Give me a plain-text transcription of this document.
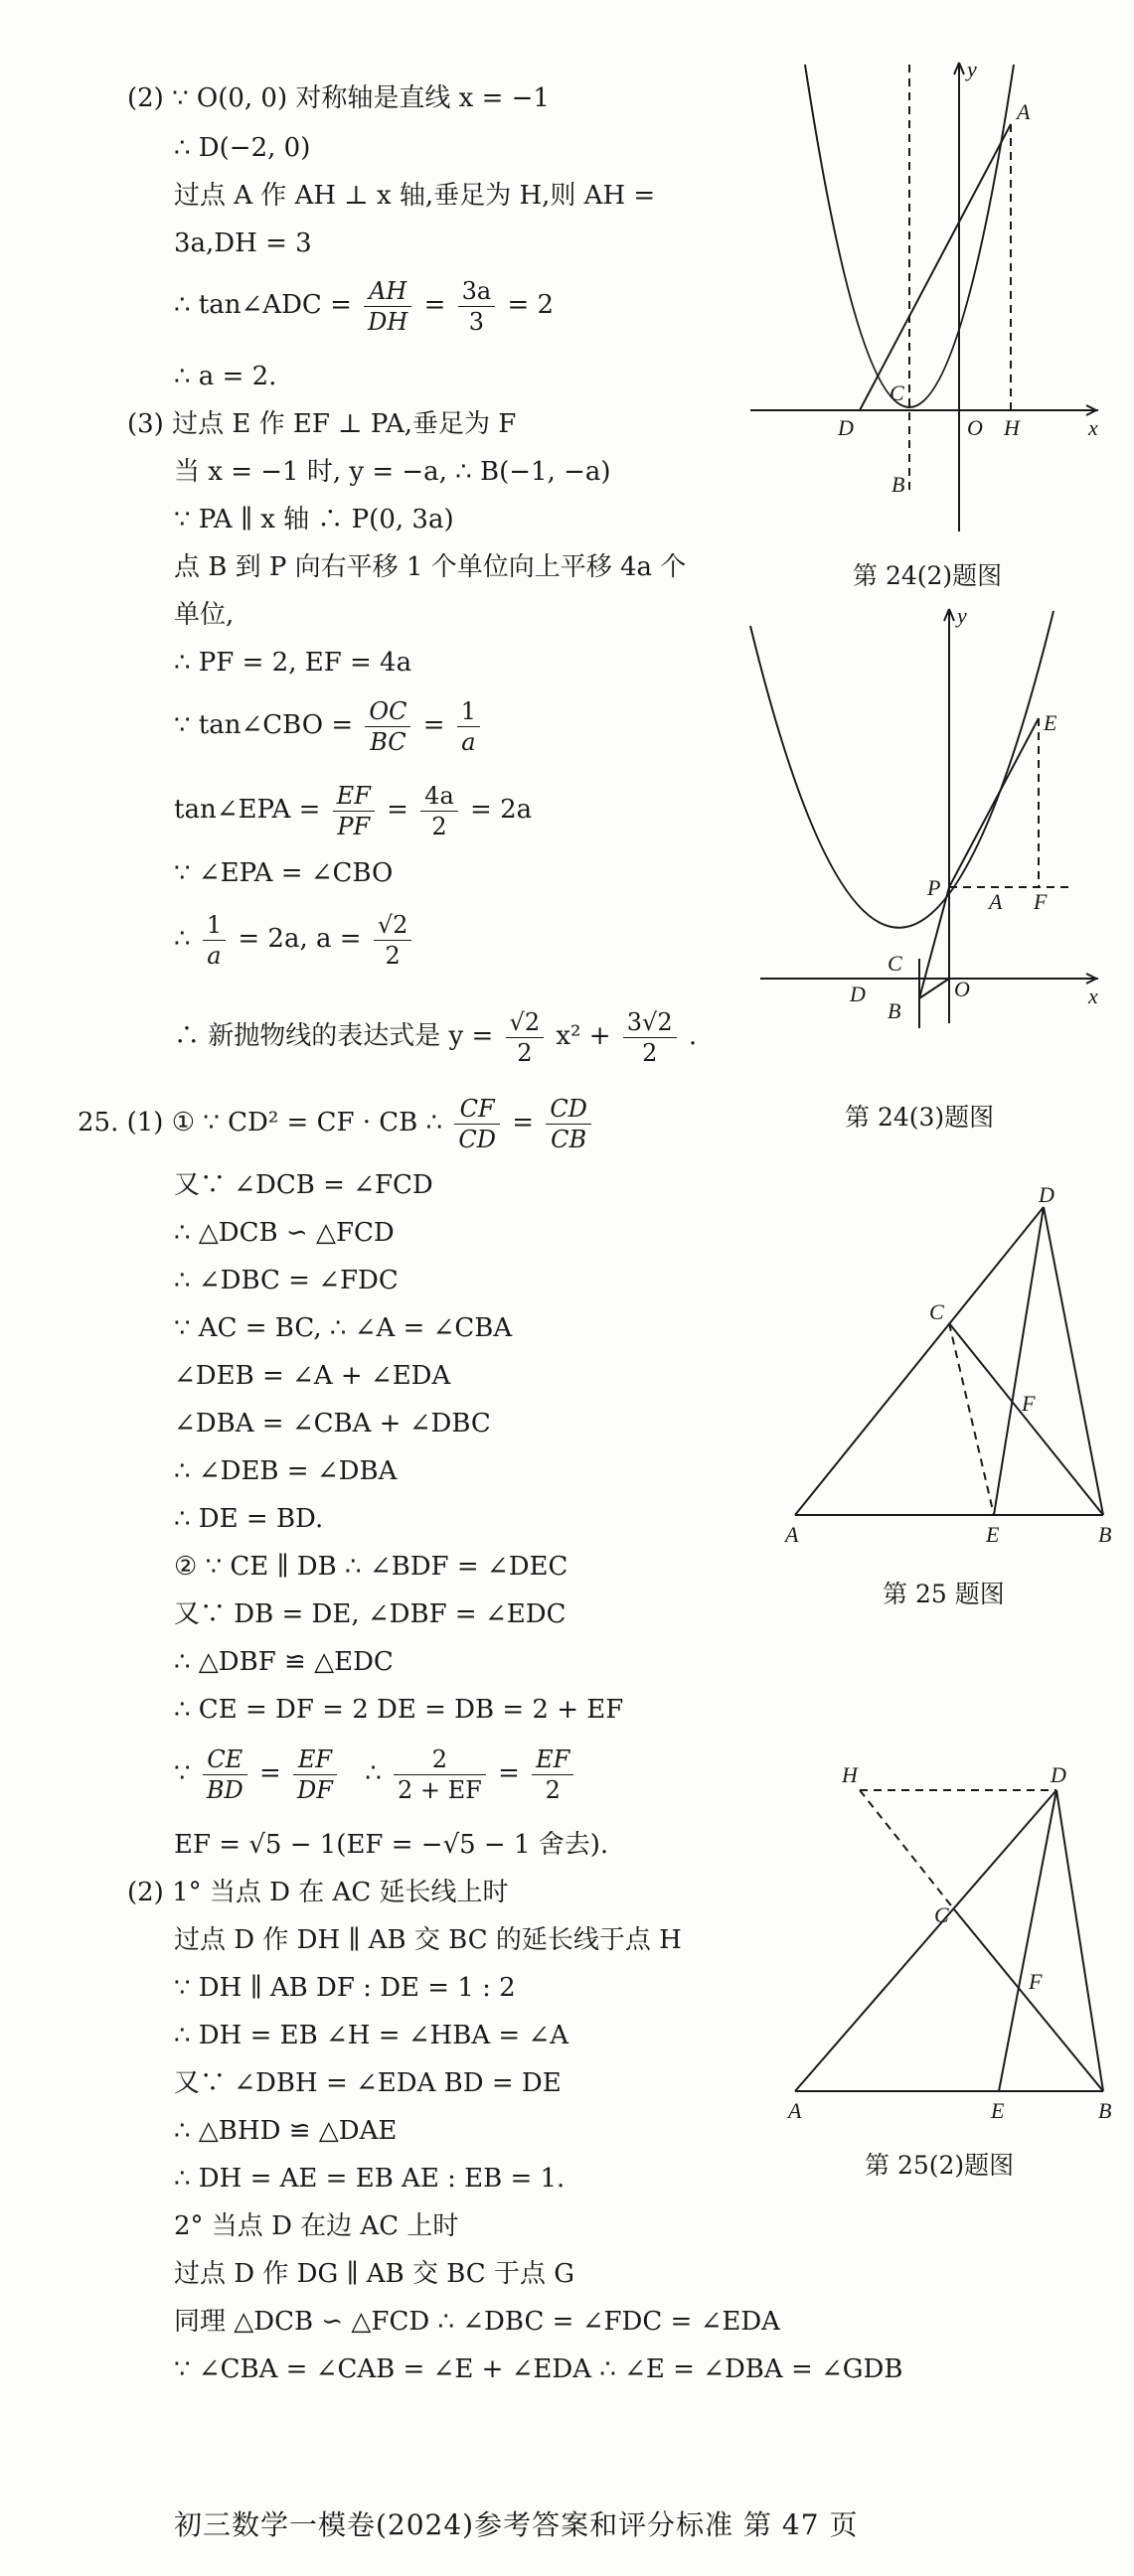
(2) ∵ O(0, 0) 对称轴是直线 x = −1
∴ D(−2, 0)
过点 A 作 AH ⊥ x 轴,垂足为 H,则 AH =
3a,DH = 3
∴ tan∠ADC = $\frac{AH}{DH} = \frac{3a}{3} = 2$
∴ a = 2.
(3) 过点 E 作 EF ⊥ PA,垂足为 F
当 x = −1 时, y = −a, ∴ B(−1, −a)
∵ PA ∥ x 轴 ∴ P(0, 3a)
点 B 到 P 向右平移 1 个单位向上平移 4a 个
单位,
∴ PF = 2, EF = 4a
∵ tan∠CBO = $\frac{OC}{BC} = \frac{1}{a}$
tan∠EPA = $\frac{EF}{PF} = \frac{4a}{2} = 2a$
∵ ∠EPA = ∠CBO
∴ $\frac{1}{a} = 2a$, $a = \frac{√2}{2}$
∴ 新抛物线的表达式是 $y = \frac{√2}{2} x^2 + \frac{3√2}{2}$ .
25. (1) ① ∵ CD² = CF · CB ∴ $\frac{CF}{CD} = \frac{CD}{CB}$
又∵ ∠DCB = ∠FCD
∴ △DCB ∽ △FCD
∴ ∠DBC = ∠FDC
∵ AC = BC, ∴ ∠A = ∠CBA
∠DEB = ∠A + ∠EDA
∠DBA = ∠CBA + ∠DBC
∴ ∠DEB = ∠DBA
∴ DE = BD.
② ∵ CE ∥ DB ∴ ∠BDF = ∠DEC
又∵ DB = DE, ∠DBF = ∠EDC
∴ △DBF ≌ △EDC
∴ CE = DF = 2 DE = DB = 2 + EF
∵ $\frac{CE}{BD} = \frac{EF}{DF}$ ∴ $\frac{2}{2 + EF} = \frac{EF}{2}$
EF = √5 − 1(EF = −√5 − 1 舍去).
(2) 1° 当点 D 在 AC 延长线上时
过点 D 作 DH ∥ AB 交 BC 的延长线于点 H
∵ DH ∥ AB DF : DE = 1 : 2
∴ DH = EB ∠H = ∠HBA = ∠A
又∵ ∠DBH = ∠EDA BD = DE
∴ △BHD ≌ △DAE
∴ DH = AE = EB AE : EB = 1.
2° 当点 D 在边 AC 上时
过点 D 作 DG ∥ AB 交 BC 于点 G
同理 △DCB ∽ △FCD ∴ ∠DBC = ∠FDC = ∠EDA
∵ ∠CBA = ∠CAB = ∠E + ∠EDA ∴ ∠E = ∠DBA = ∠GDB
y
x
A
C
D	O H
B
第 24(2)题图
y
x
E
P
A F
C
D	O
B
第 24(3)题图
D
C
F
A	E	B
第 25 题图
H	D
C
F
A	E	B
第 25(2)题图
初三数学一模卷(2024)参考答案和评分标准 第 47 页
